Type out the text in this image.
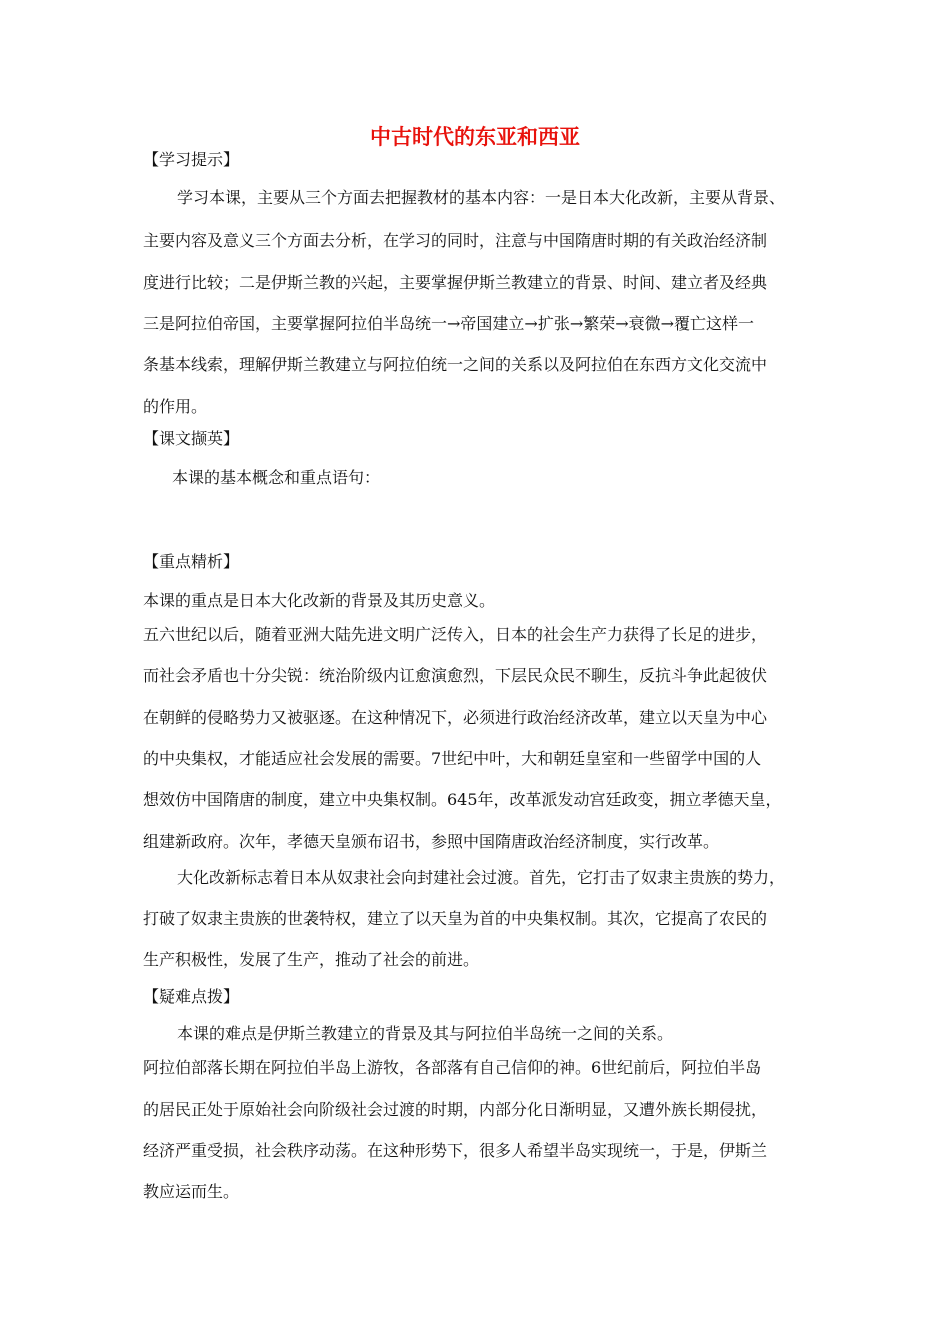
中古时代的东亚和西亚
【学习提示】
学习本课，主要从三个方面去把握教材的基本内容：一是日本大化改新，主要从背景、
主要内容及意义三个方面去分析，在学习的同时，注意与中国隋唐时期的有关政治经济制
度进行比较；二是伊斯兰教的兴起，主要掌握伊斯兰教建立的背景、时间、建立者及经典
三是阿拉伯帝国，主要掌握阿拉伯半岛统一→帝国建立→扩张→繁荣→衰微→覆亡这样一
条基本线索，理解伊斯兰教建立与阿拉伯统一之间的关系以及阿拉伯在东西方文化交流中
的作用。
【课文撷英】
本课的基本概念和重点语句：
【重点精析】
本课的重点是日本大化改新的背景及其历史意义。
五六世纪以后，随着亚洲大陆先进文明广泛传入，日本的社会生产力获得了长足的进步，
而社会矛盾也十分尖锐：统治阶级内讧愈演愈烈，下层民众民不聊生，反抗斗争此起彼伏
在朝鲜的侵略势力又被驱逐。在这种情况下，必须进行政治经济改革，建立以天皇为中心
的中央集权，才能适应社会发展的需要。7世纪中叶，大和朝廷皇室和一些留学中国的人
想效仿中国隋唐的制度，建立中央集权制。645年，改革派发动宫廷政变，拥立孝德天皇，
组建新政府。次年，孝德天皇颁布诏书，参照中国隋唐政治经济制度，实行改革。
大化改新标志着日本从奴隶社会向封建社会过渡。首先，它打击了奴隶主贵族的势力，
打破了奴隶主贵族的世袭特权，建立了以天皇为首的中央集权制。其次，它提高了农民的
生产积极性，发展了生产，推动了社会的前进。
【疑难点拨】
本课的难点是伊斯兰教建立的背景及其与阿拉伯半岛统一之间的关系。
阿拉伯部落长期在阿拉伯半岛上游牧，各部落有自己信仰的神。6世纪前后，阿拉伯半岛
的居民正处于原始社会向阶级社会过渡的时期，内部分化日渐明显，又遭外族长期侵扰，
经济严重受损，社会秩序动荡。在这种形势下，很多人希望半岛实现统一，于是，伊斯兰
教应运而生。
